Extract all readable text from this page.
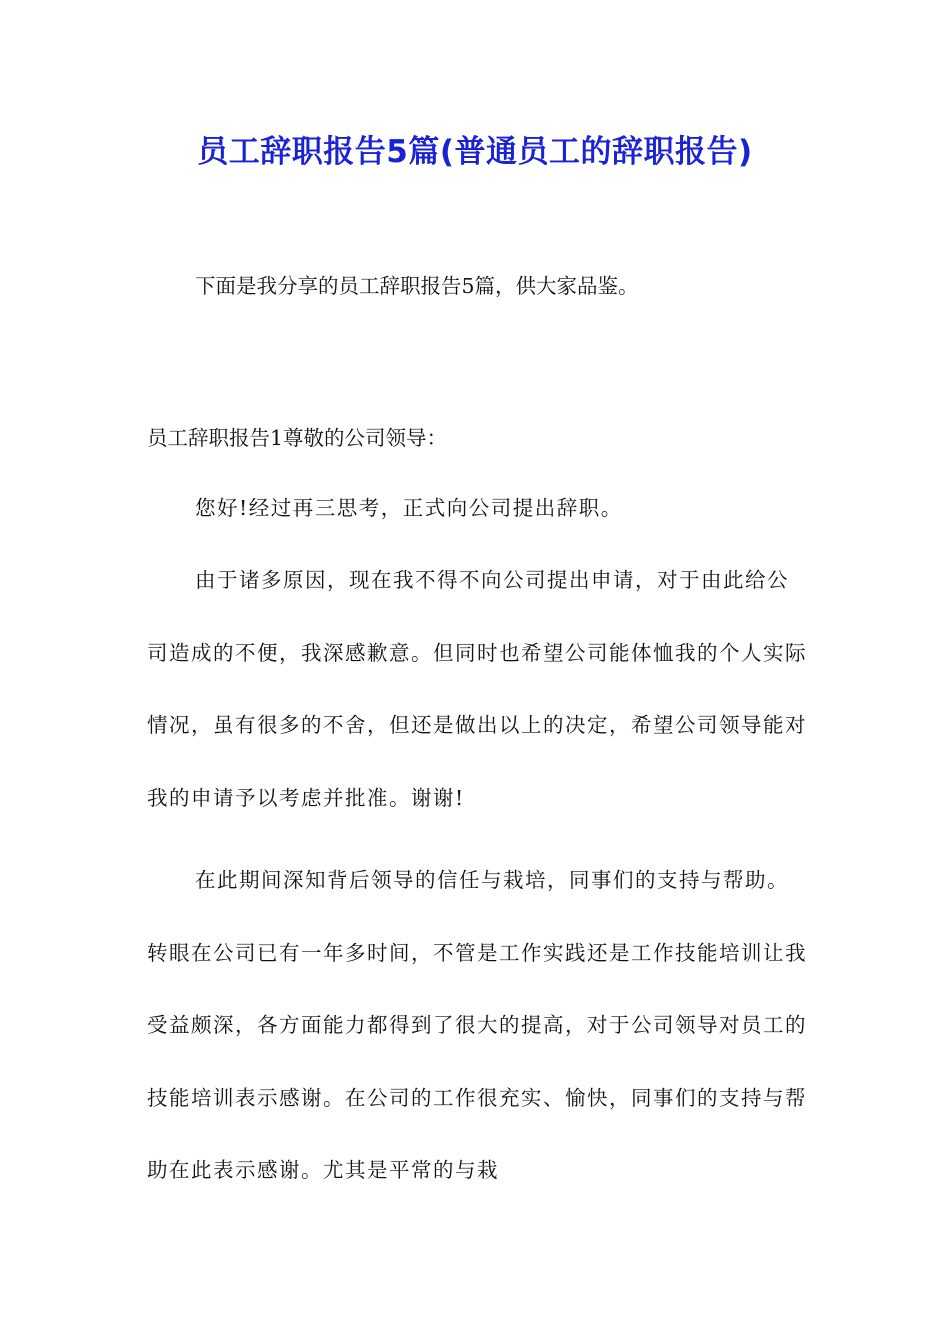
员工辞职报告5篇(普通员工的辞职报告)

下面是我分享的员工辞职报告5篇，供大家品鉴。

员工辞职报告1尊敬的公司领导：

您好!经过再三思考，正式向公司提出辞职。

由于诸多原因，现在我不得不向公司提出申请，对于由此给公司造成的不便，我深感歉意。但同时也希望公司能体恤我的个人实际情况，虽有很多的不舍，但还是做出以上的决定，希望公司领导能对我的申请予以考虑并批准。谢谢!

在此期间深知背后领导的信任与栽培，同事们的支持与帮助。转眼在公司已有一年多时间，不管是工作实践还是工作技能培训让我受益颇深，各方面能力都得到了很大的提高，对于公司领导对员工的技能培训表示感谢。在公司的工作很充实、愉快，同事们的支持与帮助在此表示感谢。尤其是平常的与栽
